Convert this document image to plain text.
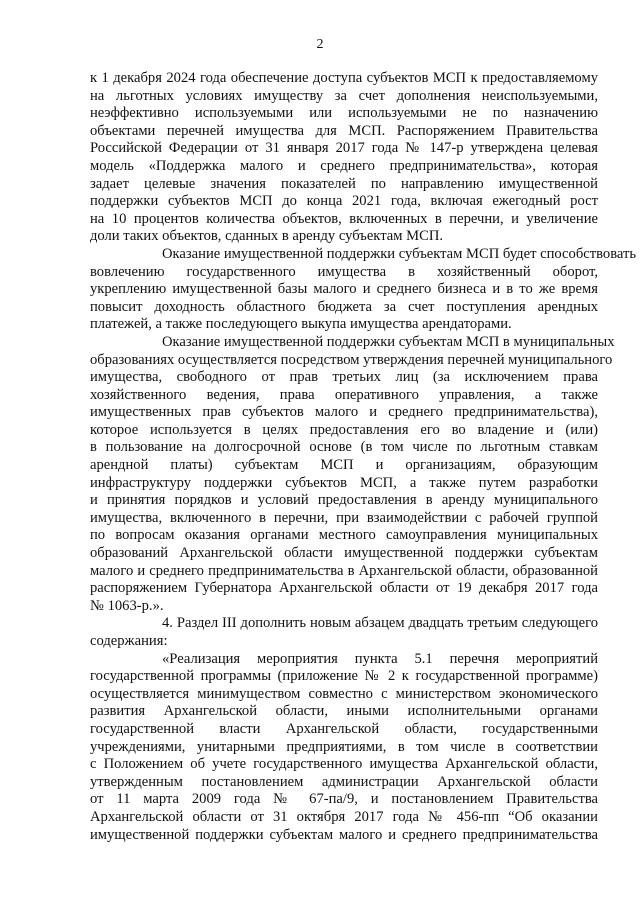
2

к 1 декабря 2024 года обеспечение доступа субъектов МСП к предоставляемому
на льготных условиях имуществу за счет дополнения неиспользуемыми,
неэффективно используемыми или используемыми не по назначению
объектами перечней имущества для МСП. Распоряжением Правительства
Российской Федерации от 31 января 2017 года № 147-р утверждена целевая
модель «Поддержка малого и среднего предпринимательства», которая
задает целевые значения показателей по направлению имущественной
поддержки субъектов МСП до конца 2021 года, включая ежегодный рост
на 10 процентов количества объектов, включенных в перечни, и увеличение
доли таких объектов, сданных в аренду субъектам МСП.

Оказание имущественной поддержки субъектам МСП будет способствовать
вовлечению государственного имущества в хозяйственный оборот,
укреплению имущественной базы малого и среднего бизнеса и в то же время
повысит доходность областного бюджета за счет поступления арендных
платежей, а также последующего выкупа имущества арендаторами.

Оказание имущественной поддержки субъектам МСП в муниципальных
образованиях осуществляется посредством утверждения перечней муниципального
имущества, свободного от прав третьих лиц (за исключением права
хозяйственного ведения, права оперативного управления, а также
имущественных прав субъектов малого и среднего предпринимательства),
которое используется в целях предоставления его во владение и (или)
в пользование на долгосрочной основе (в том числе по льготным ставкам
арендной платы) субъектам МСП и организациям, образующим
инфраструктуру поддержки субъектов МСП, а также путем разработки
и принятия порядков и условий предоставления в аренду муниципального
имущества, включенного в перечни, при взаимодействии с рабочей группой
по вопросам оказания органами местного самоуправления муниципальных
образований Архангельской области имущественной поддержки субъектам
малого и среднего предпринимательства в Архангельской области, образованной
распоряжением Губернатора Архангельской области от 19 декабря 2017 года
№ 1063-р.».

4. Раздел III дополнить новым абзацем двадцать третьим следующего
содержания:

«Реализация мероприятия пункта 5.1 перечня мероприятий
государственной программы (приложение № 2 к государственной программе)
осуществляется минимуществом совместно с министерством экономического
развития Архангельской области, иными исполнительными органами
государственной власти Архангельской области, государственными
учреждениями, унитарными предприятиями, в том числе в соответствии
с Положением об учете государственного имущества Архангельской области,
утвержденным постановлением администрации Архангельской области
от 11 марта 2009 года № 67-па/9, и постановлением Правительства
Архангельской области от 31 октября 2017 года № 456-пп “Об оказании
имущественной поддержки субъектам малого и среднего предпринимательства
